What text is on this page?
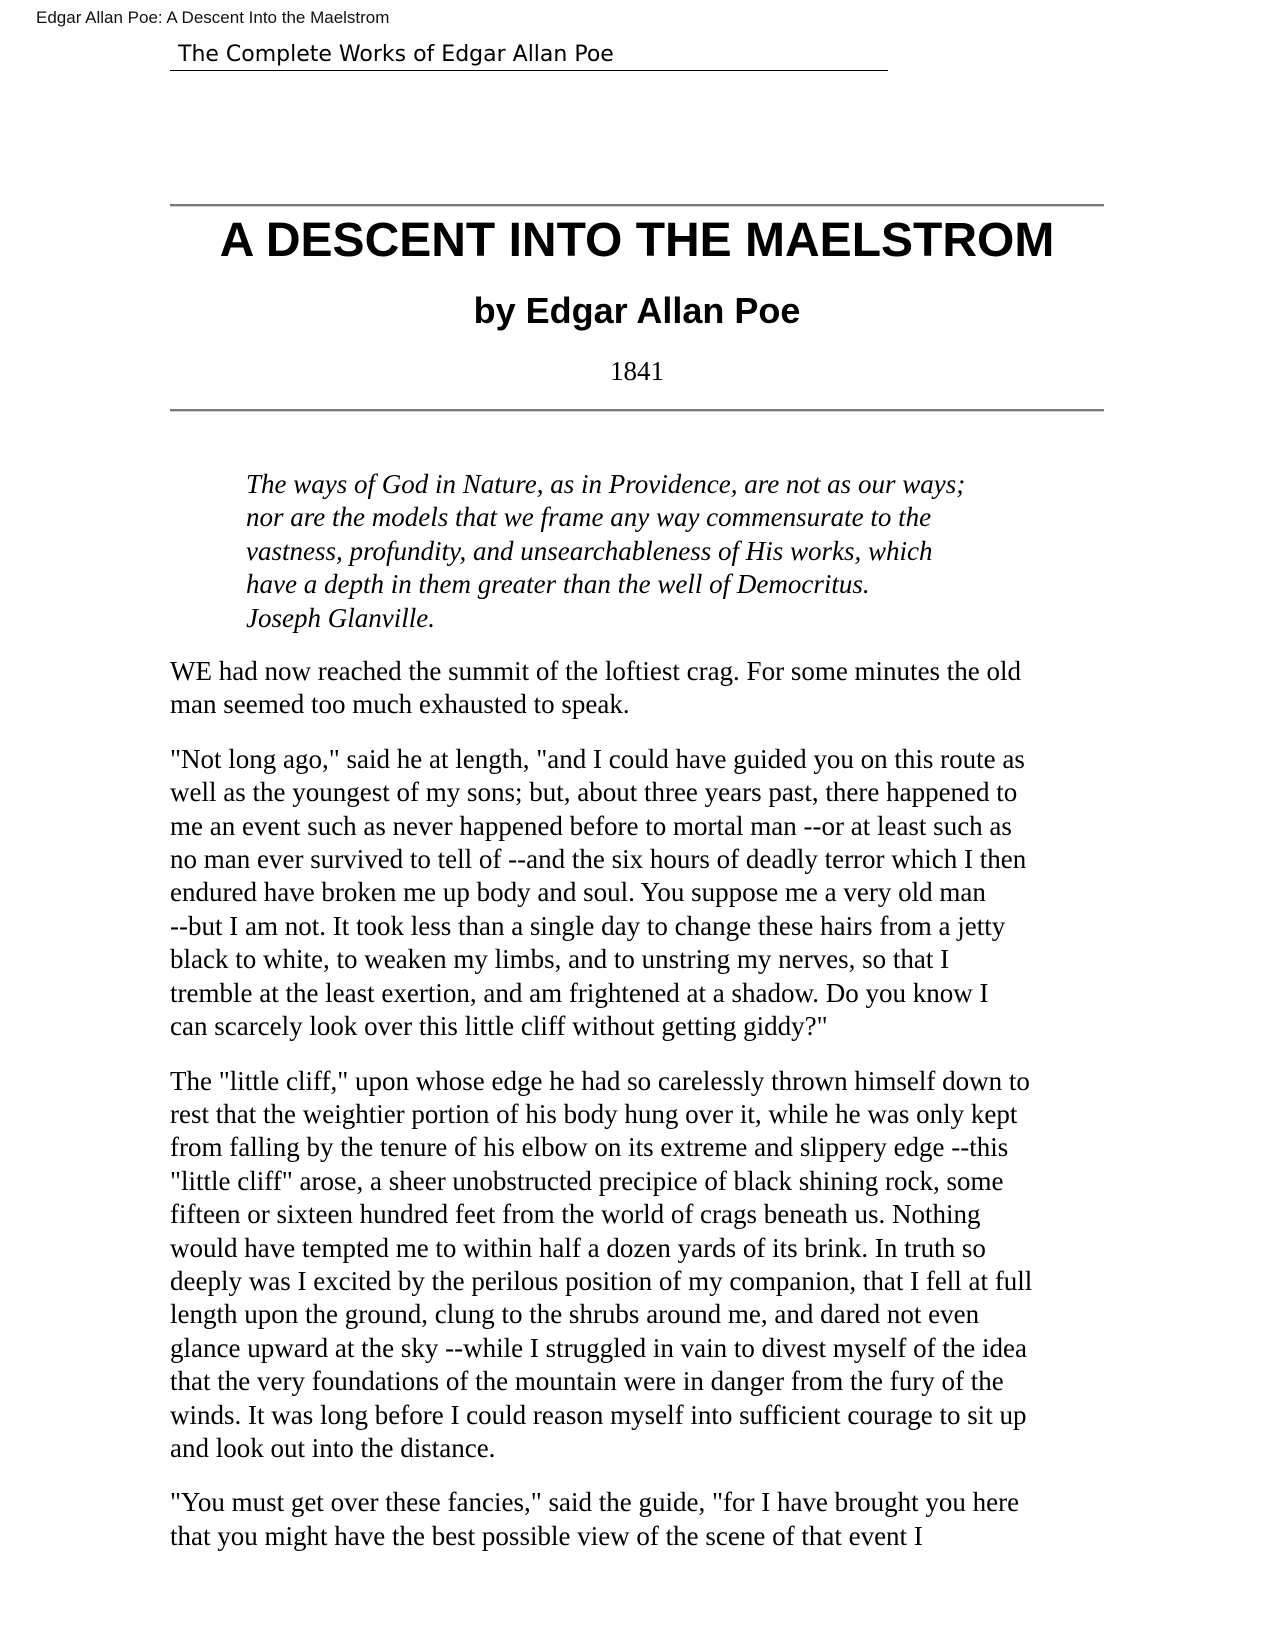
Edgar Allan Poe: A Descent Into the Maelstrom
The Complete Works of Edgar Allan Poe
A DESCENT INTO THE MAELSTROM
by Edgar Allan Poe
1841
The ways of God in Nature, as in Providence, are not as our ways;
nor are the models that we frame any way commensurate to the
vastness, profundity, and unsearchableness of His works, which
have a depth in them greater than the well of Democritus.
Joseph Glanville.

WE had now reached the summit of the loftiest crag. For some minutes the old
man seemed too much exhausted to speak.

"Not long ago," said he at length, "and I could have guided you on this route as
well as the youngest of my sons; but, about three years past, there happened to
me an event such as never happened before to mortal man --or at least such as
no man ever survived to tell of --and the six hours of deadly terror which I then
endured have broken me up body and soul. You suppose me a very old man
--but I am not. It took less than a single day to change these hairs from a jetty
black to white, to weaken my limbs, and to unstring my nerves, so that I
tremble at the least exertion, and am frightened at a shadow. Do you know I
can scarcely look over this little cliff without getting giddy?"

The "little cliff," upon whose edge he had so carelessly thrown himself down to
rest that the weightier portion of his body hung over it, while he was only kept
from falling by the tenure of his elbow on its extreme and slippery edge --this
"little cliff" arose, a sheer unobstructed precipice of black shining rock, some
fifteen or sixteen hundred feet from the world of crags beneath us. Nothing
would have tempted me to within half a dozen yards of its brink. In truth so
deeply was I excited by the perilous position of my companion, that I fell at full
length upon the ground, clung to the shrubs around me, and dared not even
glance upward at the sky --while I struggled in vain to divest myself of the idea
that the very foundations of the mountain were in danger from the fury of the
winds. It was long before I could reason myself into sufficient courage to sit up
and look out into the distance.

"You must get over these fancies," said the guide, "for I have brought you here
that you might have the best possible view of the scene of that event I
